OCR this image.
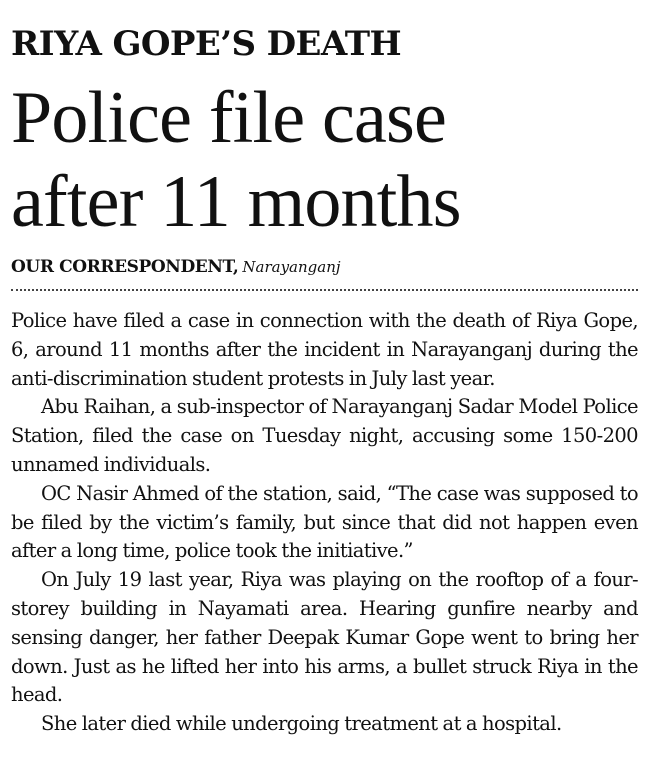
RIYA GOPE’S DEATH
Police file case
after 11 months
OUR CORRESPONDENT, Narayanganj

Police have filed a case in connection with the death of Riya Gope, 6, around 11 months after the incident in Narayanganj during the anti-discrimination student protests in July last year.

Abu Raihan, a sub-inspector of Narayanganj Sadar Model Police Station, filed the case on Tuesday night, accusing some 150-200 unnamed individuals.

OC Nasir Ahmed of the station, said, “The case was supposed to be filed by the victim’s family, but since that did not happen even after a long time, police took the initiative.”

On July 19 last year, Riya was playing on the rooftop of a four-storey building in Nayamati area. Hearing gunfire nearby and sensing danger, her father Deepak Kumar Gope went to bring her down. Just as he lifted her into his arms, a bullet struck Riya in the head.

She later died while undergoing treatment at a hospital.
